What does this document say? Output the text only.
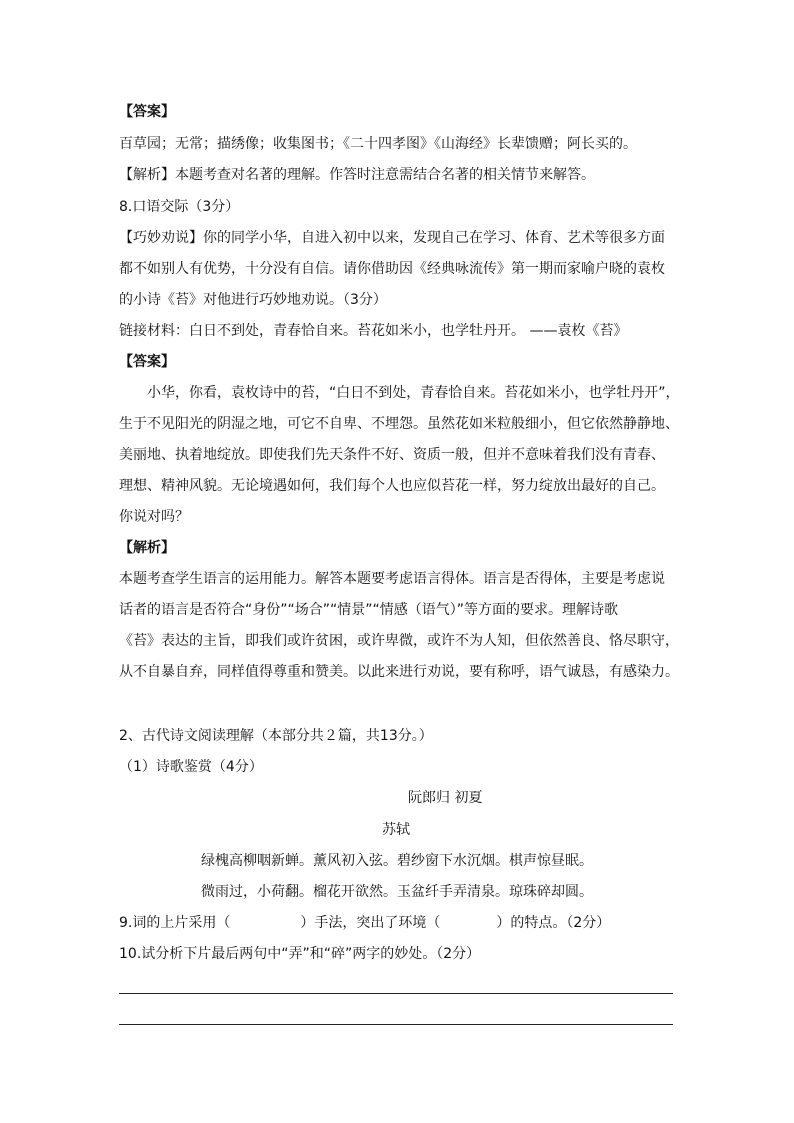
【答案】
百草园；无常；描绣像；收集图书；《二十四孝图》《山海经》长辈馈赠；阿长买的。
【解析】本题考查对名著的理解。作答时注意需结合名著的相关情节来解答。
8.口语交际（3分）
【巧妙劝说】你的同学小华，自进入初中以来，发现自己在学习、体育、艺术等很多方面
都不如别人有优势，十分没有自信。请你借助因《经典咏流传》第一期而家喻户晓的袁枚
的小诗《苔》对他进行巧妙地劝说。（3分）
链接材料：白日不到处，青春恰自来。苔花如米小，也学牡丹开。 ——袁枚《苔》
【答案】
小华，你看，袁枚诗中的苔，“白日不到处，青春恰自来。苔花如米小，也学牡丹开”，
生于不见阳光的阴湿之地，可它不自卑、不埋怨。虽然花如米粒般细小，但它依然静静地、
美丽地、执着地绽放。即使我们先天条件不好、资质一般，但并不意味着我们没有青春、
理想、精神风貌。无论境遇如何，我们每个人也应似苔花一样，努力绽放出最好的自己。
你说对吗？
【解析】
本题考查学生语言的运用能力。解答本题要考虑语言得体。语言是否得体，主要是考虑说
话者的语言是否符合“身份”“场合”“情景”“情感（语气）”等方面的要求。理解诗歌
《苔》表达的主旨，即我们或许贫困，或许卑微，或许不为人知，但依然善良、恪尽职守，
从不自暴自弃，同样值得尊重和赞美。以此来进行劝说，要有称呼，语气诚恳，有感染力。
2、古代诗文阅读理解（本部分共２篇，共13分。）
（1）诗歌鉴赏（4分）
阮郎归 初夏
苏轼
绿槐高柳咽新蝉。薰风初入弦。碧纱窗下水沉烟。棋声惊昼眠。
微雨过，小荷翻。榴花开欲然。玉盆纤手弄清泉。琼珠碎却圆。
9.词的上片采用（　　　　　）手法，突出了环境（　　　　）的特点。（2分）
10.试分析下片最后两句中“弄”和“碎”两字的妙处。（2分）
